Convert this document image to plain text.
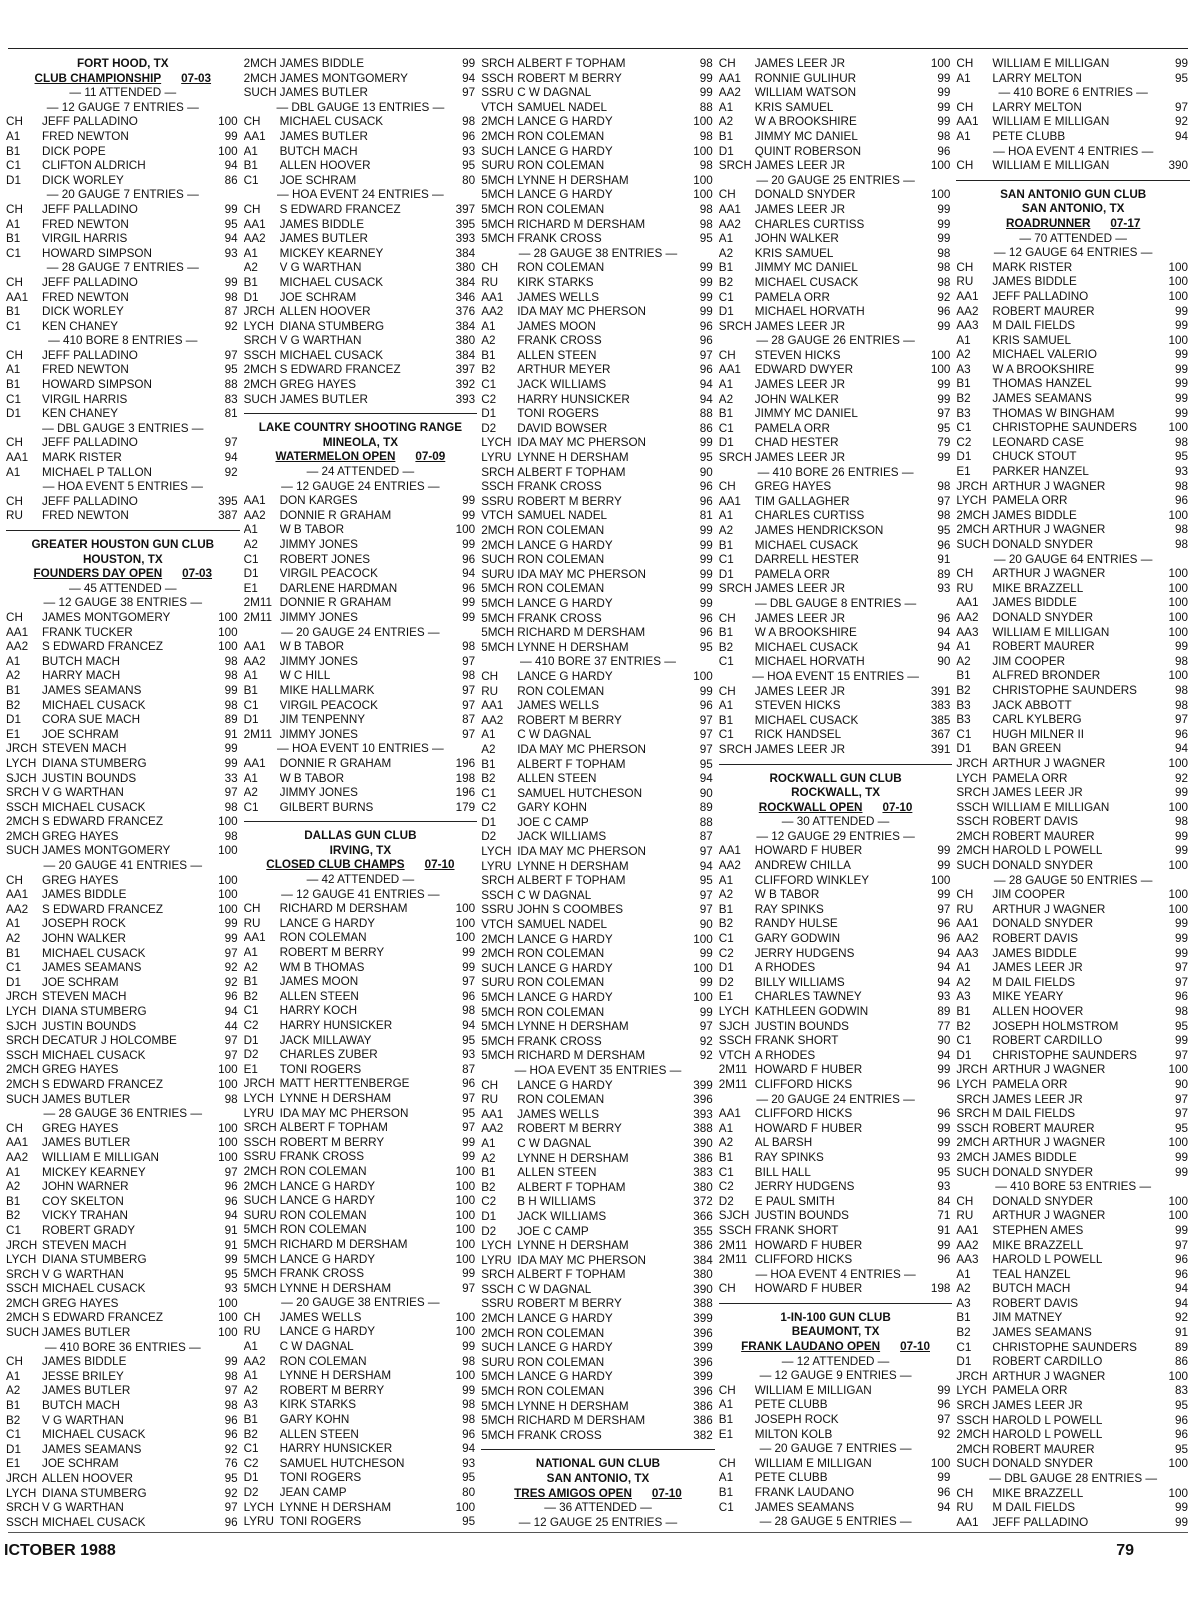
FORT HOOD, TX
CLUB CHAMPIONSHIP 07-03
— 11 ATTENDED —
— 12 GAUGE 7 ENTRIES —
CH	JEFF PALLADINO	100
A1	FRED NEWTON	99
B1	DICK POPE	100
C1	CLIFTON ALDRICH	94
D1	DICK WORLEY	86
— 20 GAUGE 7 ENTRIES —
CH	JEFF PALLADINO	99
A1	FRED NEWTON	95
B1	VIRGIL HARRIS	94
C1	HOWARD SIMPSON	93
— 28 GAUGE 7 ENTRIES —
CH	JEFF PALLADINO	99
AA1	FRED NEWTON	98
B1	DICK WORLEY	87
C1	KEN CHANEY	92
— 410 BORE 8 ENTRIES —
CH	JEFF PALLADINO	97
A1	FRED NEWTON	95
B1	HOWARD SIMPSON	88
C1	VIRGIL HARRIS	83
D1	KEN CHANEY	81
— DBL GAUGE 3 ENTRIES —
CH	JEFF PALLADINO	97
AA1	MARK RISTER	94
A1	MICHAEL P TALLON	92
— HOA EVENT 5 ENTRIES —
CH	JEFF PALLADINO	395
RU	FRED NEWTON	387
GREATER HOUSTON GUN CLUB
HOUSTON, TX
FOUNDERS DAY OPEN 07-03
— 45 ATTENDED —
— 12 GAUGE 38 ENTRIES —
CH	JAMES MONTGOMERY	100
AA1	FRANK TUCKER	100
AA2	S EDWARD FRANCEZ	100
A1	BUTCH MACH	98
A2	HARRY MACH	98
B1	JAMES SEAMANS	99
B2	MICHAEL CUSACK	98
D1	CORA SUE MACH	89
E1	JOE SCHRAM	91
JRCH STEVEN MACH	99
LYCH DIANA STUMBERG	99
SJCH JUSTIN BOUNDS	33
SRCH V G WARTHAN	97
SSCH MICHAEL CUSACK	98
2MCH S EDWARD FRANCEZ	100
2MCH GREG HAYES	98
SUCH JAMES MONTGOMERY	100
— 20 GAUGE 41 ENTRIES —
CH	GREG HAYES	100
AA1	JAMES BIDDLE	100
AA2	S EDWARD FRANCEZ	100
A1	JOSEPH ROCK	99
A2	JOHN WALKER	99
B1	MICHAEL CUSACK	97
C1	JAMES SEAMANS	92
D1	JOE SCHRAM	92
JRCH STEVEN MACH	96
LYCH DIANA STUMBERG	94
SJCH JUSTIN BOUNDS	44
SRCH DECATUR J HOLCOMBE	97
SSCH MICHAEL CUSACK	97
2MCH GREG HAYES	100
2MCH S EDWARD FRANCEZ	100
SUCH JAMES BUTLER	98
— 28 GAUGE 36 ENTRIES —
CH	GREG HAYES	100
AA1	JAMES BUTLER	100
AA2	WILLIAM E MILLIGAN	100
A1	MICKEY KEARNEY	97
A2	JOHN WARNER	96
B1	COY SKELTON	96
B2	VICKY TRAHAN	94
C1	ROBERT GRADY	91
JRCH STEVEN MACH	91
LYCH DIANA STUMBERG	99
SRCH V G WARTHAN	95
SSCH MICHAEL CUSACK	93
2MCH GREG HAYES	100
2MCH S EDWARD FRANCEZ	100
SUCH JAMES BUTLER	100
— 410 BORE 36 ENTRIES —
CH	JAMES BIDDLE	99
A1	JESSE BRILEY	98
A2	JAMES BUTLER	97
B1	BUTCH MACH	98
B2	V G WARTHAN	96
C1	MICHAEL CUSACK	96
D1	JAMES SEAMANS	92
E1	JOE SCHRAM	76
JRCH ALLEN HOOVER	95
LYCH DIANA STUMBERG	92
SRCH V G WARTHAN	97
SSCH MICHAEL CUSACK	96
2MCH JAMES BIDDLE	99
2MCH JAMES MONTGOMERY	94
SUCH JAMES BUTLER	97
— DBL GAUGE 13 ENTRIES —
CH	MICHAEL CUSACK	98
AA1	JAMES BUTLER	96
A1	BUTCH MACH	93
B1	ALLEN HOOVER	95
C1	JOE SCHRAM	80
— HOA EVENT 24 ENTRIES —
CH	S EDWARD FRANCEZ	397
AA1	JAMES BIDDLE	395
AA2	JAMES BUTLER	393
A1	MICKEY KEARNEY	384
A2	V G WARTHAN	380
B1	MICHAEL CUSACK	384
D1	JOE SCHRAM	346
JRCH ALLEN HOOVER	376
LYCH DIANA STUMBERG	384
SRCH V G WARTHAN	380
SSCH MICHAEL CUSACK	384
2MCH S EDWARD FRANCEZ	397
2MCH GREG HAYES	392
SUCH JAMES BUTLER	393
LAKE COUNTRY SHOOTING RANGE
MINEOLA, TX
WATERMELON OPEN 07-09
— 24 ATTENDED —
— 12 GAUGE 24 ENTRIES —
AA1	DON KARGES	99
AA2	DONNIE R GRAHAM	99
A1	W B TABOR	100
A2	JIMMY JONES	99
C1	ROBERT JONES	96
D1	VIRGIL PEACOCK	94
E1	DARLENE HARDMAN	96
2M11 DONNIE R GRAHAM	99
2M11 JIMMY JONES	99
— 20 GAUGE 24 ENTRIES —
AA1	W B TABOR	98
AA2	JIMMY JONES	97
A1	W C HILL	98
B1	MIKE HALLMARK	97
C1	VIRGIL PEACOCK	97
D1	JIM TENPENNY	87
2M11 JIMMY JONES	97
— HOA EVENT 10 ENTRIES —
AA1	DONNIE R GRAHAM	196
A1	W B TABOR	198
A2	JIMMY JONES	196
C1	GILBERT BURNS	179
DALLAS GUN CLUB
IRVING, TX
CLOSED CLUB CHAMPS 07-10
— 42 ATTENDED —
— 12 GAUGE 41 ENTRIES —
CH	RICHARD M DERSHAM	100
RU	LANCE G HARDY	100
AA1	RON COLEMAN	100
A1	ROBERT M BERRY	99
A2	WM B THOMAS	99
B1	JAMES MOON	97
B2	ALLEN STEEN	96
C1	HARRY KOCH	98
C2	HARRY HUNSICKER	94
D1	JACK MILLAWAY	95
D2	CHARLES ZUBER	93
E1	TONI ROGERS	87
JRCH MATT HERTTENBERGE	96
LYCH LYNNE H DERSHAM	97
LYRU IDA MAY MC PHERSON	95
SRCH ALBERT F TOPHAM	97
SSCH ROBERT M BERRY	99
SSRU FRANK CROSS	99
2MCH RON COLEMAN	100
2MCH LANCE G HARDY	100
SUCH LANCE G HARDY	100
SURU RON COLEMAN	100
5MCH RON COLEMAN	100
5MCH RICHARD M DERSHAM	100
5MCH LANCE G HARDY	100
5MCH FRANK CROSS	99
5MCH LYNNE H DERSHAM	97
— 20 GAUGE 38 ENTRIES —
CH	JAMES WELLS	100
RU	LANCE G HARDY	100
A1	C W DAGNAL	99
AA2	RON COLEMAN	98
A1	LYNNE H DERSHAM	100
A2	ROBERT M BERRY	99
A3	KIRK STARKS	98
B1	GARY KOHN	98
B2	ALLEN STEEN	96
C1	HARRY HUNSICKER	94
C2	SAMUEL HUTCHESON	93
D1	TONI ROGERS	95
D2	JEAN CAMP	80
LYCH LYNNE H DERSHAM	100
LYRU TONI ROGERS	95
SRCH ALBERT F TOPHAM	98
SSCH ROBERT M BERRY	99
SSRU C W DAGNAL	99
VTCH SAMUEL NADEL	88
2MCH LANCE G HARDY	100
2MCH RON COLEMAN	98
SUCH LANCE G HARDY	100
SURU RON COLEMAN	98
5MCH LYNNE H DERSHAM	100
5MCH LANCE G HARDY	100
5MCH RON COLEMAN	98
5MCH RICHARD M DERSHAM	98
5MCH FRANK CROSS	95
— 28 GAUGE 38 ENTRIES —
CH	RON COLEMAN	99
RU	KIRK STARKS	99
AA1	JAMES WELLS	99
AA2	IDA MAY MC PHERSON	99
A1	JAMES MOON	96
A2	FRANK CROSS	96
B1	ALLEN STEEN	97
B2	ARTHUR MEYER	96
C1	JACK WILLIAMS	94
C2	HARRY HUNSICKER	94
D1	TONI ROGERS	88
D2	DAVID BOWSER	86
LYCH IDA MAY MC PHERSON	99
LYRU LYNNE H DERSHAM	95
SRCH ALBERT F TOPHAM	90
SSCH FRANK CROSS	96
SSRU ROBERT M BERRY	96
VTCH SAMUEL NADEL	81
2MCH RON COLEMAN	99
2MCH LANCE G HARDY	99
SUCH RON COLEMAN	99
SURU IDA MAY MC PHERSON	99
5MCH RON COLEMAN	99
5MCH LANCE G HARDY	99
5MCH FRANK CROSS	96
5MCH RICHARD M DERSHAM	96
5MCH LYNNE H DERSHAM	95
— 410 BORE 37 ENTRIES —
CH	LANCE G HARDY	100
RU	RON COLEMAN	99
AA1	JAMES WELLS	96
AA2	ROBERT M BERRY	97
A1	C W DAGNAL	97
A2	IDA MAY MC PHERSON	97
B1	ALBERT F TOPHAM	95
B2	ALLEN STEEN	94
C1	SAMUEL HUTCHESON	90
C2	GARY KOHN	89
D1	JOE C CAMP	88
D2	JACK WILLIAMS	87
LYCH IDA MAY MC PHERSON	97
LYRU LYNNE H DERSHAM	94
SRCH ALBERT F TOPHAM	95
SSCH C W DAGNAL	97
SSRU JOHN S COOMBES	97
VTCH SAMUEL NADEL	90
2MCH LANCE G HARDY	100
2MCH RON COLEMAN	99
SUCH LANCE G HARDY	100
SURU RON COLEMAN	99
5MCH LANCE G HARDY	100
5MCH RON COLEMAN	99
5MCH LYNNE H DERSHAM	97
5MCH FRANK CROSS	92
5MCH RICHARD M DERSHAM	92
— HOA EVENT 35 ENTRIES —
CH	LANCE G HARDY	399
RU	RON COLEMAN	396
AA1	JAMES WELLS	393
AA2	ROBERT M BERRY	388
A1	C W DAGNAL	390
A2	LYNNE H DERSHAM	386
B1	ALLEN STEEN	383
B2	ALBERT F TOPHAM	380
C2	B H WILLIAMS	372
D1	JACK WILLIAMS	366
D2	JOE C CAMP	355
LYCH LYNNE H DERSHAM	386
LYRU IDA MAY MC PHERSON	384
SRCH ALBERT F TOPHAM	380
SSCH C W DAGNAL	390
SSRU ROBERT M BERRY	388
2MCH LANCE G HARDY	399
2MCH RON COLEMAN	396
SUCH LANCE G HARDY	399
SURU RON COLEMAN	396
5MCH LANCE G HARDY	399
5MCH RON COLEMAN	396
5MCH LYNNE H DERSHAM	386
5MCH RICHARD M DERSHAM	386
5MCH FRANK CROSS	382
NATIONAL GUN CLUB
SAN ANTONIO, TX
TRES AMIGOS OPEN 07-10
— 36 ATTENDED —
— 12 GAUGE 25 ENTRIES —
CH	JAMES LEER JR	100
AA1	RONNIE GULIHUR	99
AA2	WILLIAM WATSON	99
A1	KRIS SAMUEL	99
A2	W A BROOKSHIRE	99
B1	JIMMY MC DANIEL	98
D1	QUINT ROBERSON	96
SRCH JAMES LEER JR	100
— 20 GAUGE 25 ENTRIES —
CH	DONALD SNYDER	100
AA1	JAMES LEER JR	99
AA2	CHARLES CURTISS	99
A1	JOHN WALKER	99
A2	KRIS SAMUEL	98
B1	JIMMY MC DANIEL	98
B2	MICHAEL CUSACK	98
C1	PAMELA ORR	92
D1	MICHAEL HORVATH	96
SRCH JAMES LEER JR	99
— 28 GAUGE 26 ENTRIES —
CH	STEVEN HICKS	100
AA1	EDWARD DWYER	100
A1	JAMES LEER JR	99
A2	JOHN WALKER	99
B1	JIMMY MC DANIEL	97
C1	PAMELA ORR	95
D1	CHAD HESTER	79
SRCH JAMES LEER JR	99
— 410 BORE 26 ENTRIES —
CH	GREG HAYES	98
AA1	TIM GALLAGHER	97
A1	CHARLES CURTISS	98
A2	JAMES HENDRICKSON	95
B1	MICHAEL CUSACK	96
C1	DARRELL HESTER	91
D1	PAMELA ORR	89
SRCH JAMES LEER JR	93
— DBL GAUGE 8 ENTRIES —
CH	JAMES LEER JR	96
B1	W A BROOKSHIRE	94
B2	MICHAEL CUSACK	94
C1	MICHAEL HORVATH	90
— HOA EVENT 15 ENTRIES —
CH	JAMES LEER JR	391
A1	STEVEN HICKS	383
B1	MICHAEL CUSACK	385
C1	RICK HANDSEL	367
SRCH JAMES LEER JR	391
ROCKWALL GUN CLUB
ROCKWALL, TX
ROCKWALL OPEN 07-10
— 30 ATTENDED —
— 12 GAUGE 29 ENTRIES —
AA1	HOWARD F HUBER	99
AA2	ANDREW CHILLA	99
A1	CLIFFORD WINKLEY	100
A2	W B TABOR	99
B1	RAY SPINKS	97
B2	RANDY HULSE	96
C1	GARY GODWIN	96
C2	JERRY HUDGENS	94
D1	A RHODES	94
D2	BILLY WILLIAMS	94
E1	CHARLES TAWNEY	93
LYCH KATHLEEN GODWIN	89
SJCH JUSTIN BOUNDS	77
SSCH FRANK SHORT	90
VTCH A RHODES	94
2M11 HOWARD F HUBER	99
2M11 CLIFFORD HICKS	96
— 20 GAUGE 24 ENTRIES —
AA1	CLIFFORD HICKS	96
A1	HOWARD F HUBER	99
A2	AL BARSH	99
B1	RAY SPINKS	93
C1	BILL HALL	95
C2	JERRY HUDGENS	93
D2	E PAUL SMITH	84
SJCH JUSTIN BOUNDS	71
SSCH FRANK SHORT	91
2M11 HOWARD F HUBER	99
2M11 CLIFFORD HICKS	96
— HOA EVENT 4 ENTRIES —
CH	HOWARD F HUBER	198
1-IN-100 GUN CLUB
BEAUMONT, TX
FRANK LAUDANO OPEN 07-10
— 12 ATTENDED —
— 12 GAUGE 9 ENTRIES —
CH	WILLIAM E MILLIGAN	99
A1	PETE CLUBB	96
B1	JOSEPH ROCK	97
E1	MILTON KOLB	92
— 20 GAUGE 7 ENTRIES —
CH	WILLIAM E MILLIGAN	100
A1	PETE CLUBB	99
B1	FRANK LAUDANO	96
C1	JAMES SEAMANS	94
— 28 GAUGE 5 ENTRIES —
CH	WILLIAM E MILLIGAN	99
A1	LARRY MELTON	95
— 410 BORE 6 ENTRIES —
CH	LARRY MELTON	97
AA1	WILLIAM E MILLIGAN	92
A1	PETE CLUBB	94
— HOA EVENT 4 ENTRIES —
CH	WILLIAM E MILLIGAN	390
SAN ANTONIO GUN CLUB
SAN ANTONIO, TX
ROADRUNNER 07-17
— 70 ATTENDED —
— 12 GAUGE 64 ENTRIES —
CH	MARK RISTER	100
RU	JAMES BIDDLE	100
AA1	JEFF PALLADINO	100
AA2	ROBERT MAURER	99
AA3	M DAIL FIELDS	99
A1	KRIS SAMUEL	100
A2	MICHAEL VALERIO	99
A3	W A BROOKSHIRE	99
B1	THOMAS HANZEL	99
B2	JAMES SEAMANS	99
B3	THOMAS W BINGHAM	99
C1	CHRISTOPHE SAUNDERS	100
C2	LEONARD CASE	98
D1	CHUCK STOUT	95
E1	PARKER HANZEL	93
JRCH ARTHUR J WAGNER	98
LYCH PAMELA ORR	96
2MCH JAMES BIDDLE	100
2MCH ARTHUR J WAGNER	98
SUCH DONALD SNYDER	98
— 20 GAUGE 64 ENTRIES —
CH	ARTHUR J WAGNER	100
RU	MIKE BRAZZELL	100
AA1	JAMES BIDDLE	100
AA2	DONALD SNYDER	100
AA3	WILLIAM E MILLIGAN	100
A1	ROBERT MAURER	99
A2	JIM COOPER	98
B1	ALFRED BRONDER	100
B2	CHRISTOPHE SAUNDERS	98
B3	JACK ABBOTT	98
B3	CARL KYLBERG	97
C1	HUGH MILNER II	96
D1	BAN GREEN	94
JRCH ARTHUR J WAGNER	100
LYCH PAMELA ORR	92
SRCH JAMES LEER JR	99
SSCH WILLIAM E MILLIGAN	100
SSCH ROBERT DAVIS	98
2MCH ROBERT MAURER	99
2MCH HAROLD L POWELL	99
SUCH DONALD SNYDER	100
— 28 GAUGE 50 ENTRIES —
CH	JIM COOPER	100
RU	ARTHUR J WAGNER	100
AA1	DONALD SNYDER	99
AA2	ROBERT DAVIS	99
AA3	JAMES BIDDLE	99
A1	JAMES LEER JR	97
A2	M DAIL FIELDS	97
A3	MIKE YEARY	96
B1	ALLEN HOOVER	98
B2	JOSEPH HOLMSTROM	95
C1	ROBERT CARDILLO	99
D1	CHRISTOPHE SAUNDERS	97
JRCH ARTHUR J WAGNER	100
LYCH PAMELA ORR	90
SRCH JAMES LEER JR	97
SRCH M DAIL FIELDS	97
SSCH ROBERT MAURER	95
2MCH ARTHUR J WAGNER	100
2MCH JAMES BIDDLE	99
SUCH DONALD SNYDER	99
— 410 BORE 53 ENTRIES —
CH	DONALD SNYDER	100
RU	ARTHUR J WAGNER	100
AA1	STEPHEN AMES	99
AA2	MIKE BRAZZELL	97
AA3	HAROLD L POWELL	96
A1	TEAL HANZEL	96
A2	BUTCH MACH	94
A3	ROBERT DAVIS	94
B1	JIM MATNEY	92
B2	JAMES SEAMANS	91
C1	CHRISTOPHE SAUNDERS	89
D1	ROBERT CARDILLO	86
JRCH ARTHUR J WAGNER	100
LYCH PAMELA ORR	83
SRCH JAMES LEER JR	95
SSCH HAROLD L POWELL	96
2MCH HAROLD L POWELL	96
2MCH ROBERT MAURER	95
SUCH DONALD SNYDER	100
— DBL GAUGE 28 ENTRIES —
CH	MIKE BRAZZELL	100
RU	M DAIL FIELDS	99
AA1	JEFF PALLADINO	99
ICTOBER 1988	79
